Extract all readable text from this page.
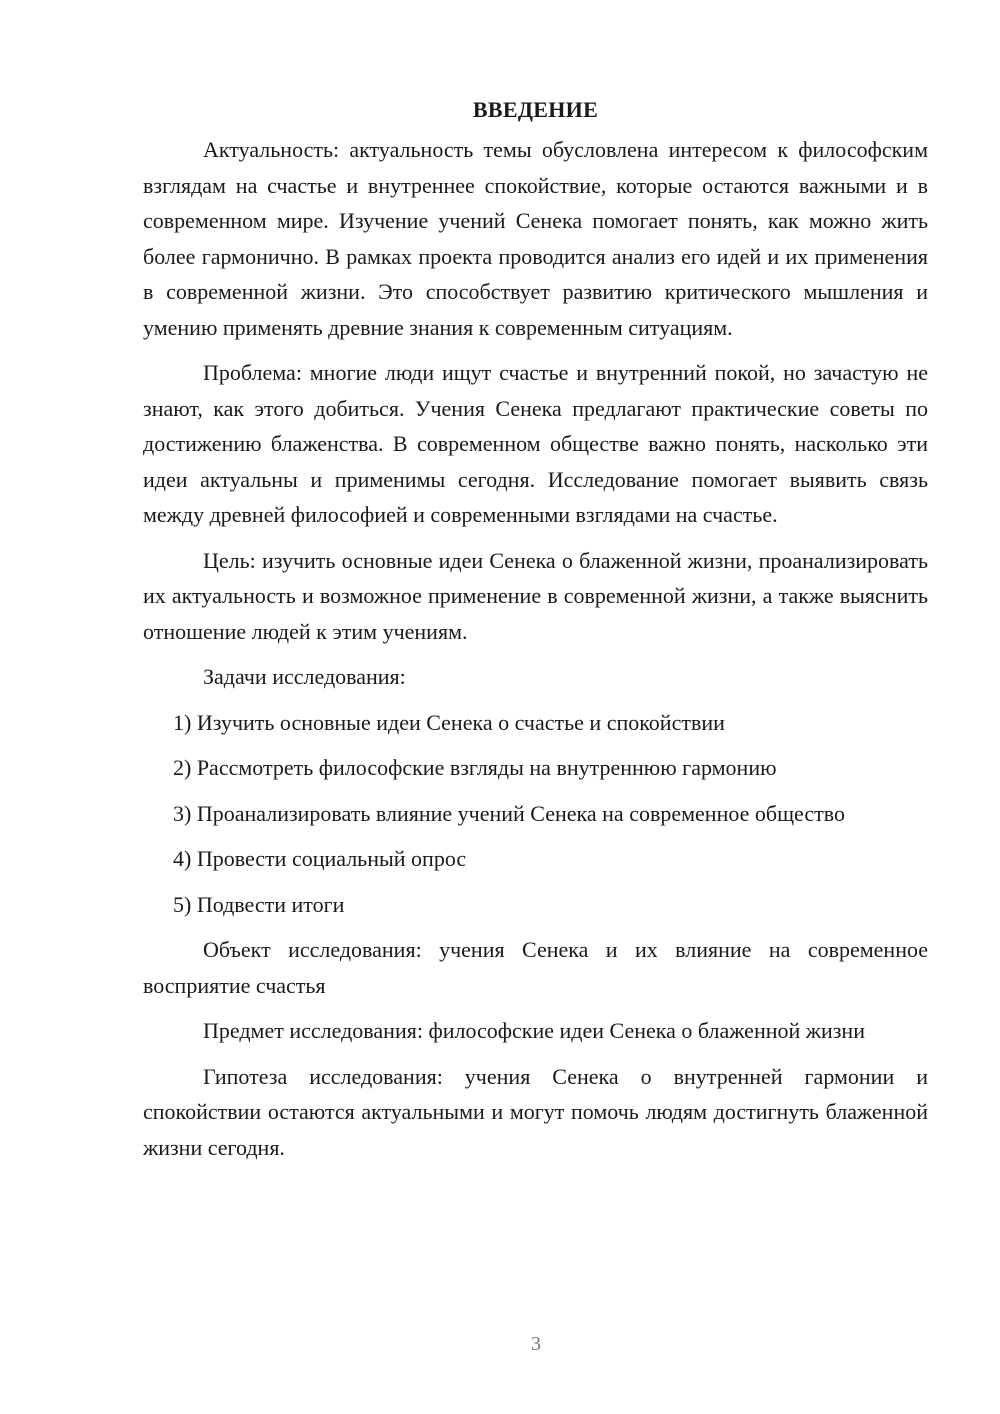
ВВЕДЕНИЕ

Актуальность: актуальность темы обусловлена интересом к философским взглядам на счастье и внутреннее спокойствие, которые остаются важными и в современном мире. Изучение учений Сенека помогает понять, как можно жить более гармонично. В рамках проекта проводится анализ его идей и их применения в современной жизни. Это способствует развитию критического мышления и умению применять древние знания к современным ситуациям.

Проблема: многие люди ищут счастье и внутренний покой, но зачастую не знают, как этого добиться. Учения Сенека предлагают практические советы по достижению блаженства. В современном обществе важно понять, насколько эти идеи актуальны и применимы сегодня. Исследование помогает выявить связь между древней философией и современными взглядами на счастье.

Цель: изучить основные идеи Сенека о блаженной жизни, проанализировать их актуальность и возможное применение в современной жизни, а также выяснить отношение людей к этим учениям.

Задачи исследования:

1) Изучить основные идеи Сенека о счастье и спокойствии

2) Рассмотреть философские взгляды на внутреннюю гармонию

3) Проанализировать влияние учений Сенека на современное общество

4) Провести социальный опрос

5) Подвести итоги

Объект исследования: учения Сенека и их влияние на современное восприятие счастья

Предмет исследования: философские идеи Сенека о блаженной жизни

Гипотеза исследования: учения Сенека о внутренней гармонии и спокойствии остаются актуальными и могут помочь людям достигнуть блаженной жизни сегодня.

3
